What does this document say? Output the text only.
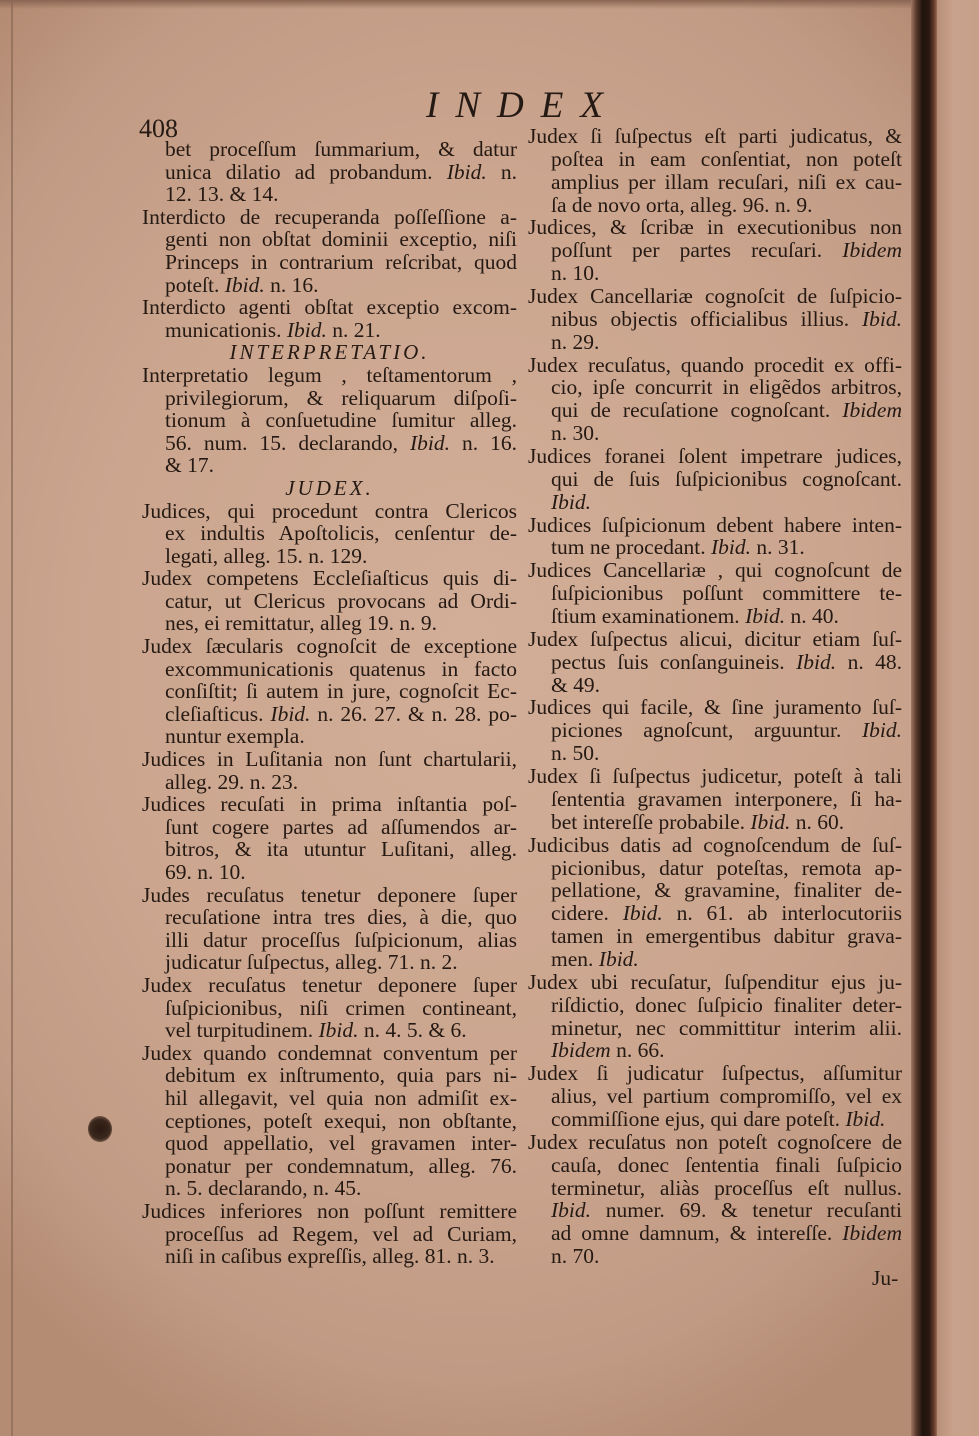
408
INDEX
bet proceſſum ſummarium, & datur
unica dilatio ad probandum. Ibid. n.
12. 13. & 14.
Interdicto de recuperanda poſſeſſione a-
genti non obſtat dominii exceptio, niſi
Princeps in contrarium reſcribat, quod
poteſt. Ibid. n. 16.
Interdicto agenti obſtat exceptio excom-
municationis. Ibid. n. 21.
INTERPRETATIO.
Interpretatio legum , teſtamentorum ,
privilegiorum, & reliquarum diſpoſi-
tionum à conſuetudine ſumitur alleg.
56. num. 15. declarando, Ibid. n. 16.
& 17.
JUDEX.
Judices, qui procedunt contra Clericos
ex indultis Apoſtolicis, cenſentur de-
legati, alleg. 15. n. 129.
Judex competens Eccleſiaſticus quis di-
catur, ut Clericus provocans ad Ordi-
nes, ei remittatur, alleg 19. n. 9.
Judex ſæcularis cognoſcit de exceptione
excommunicationis quatenus in facto
conſiſtit; ſi autem in jure, cognoſcit Ec-
cleſiaſticus. Ibid. n. 26. 27. & n. 28. po-
nuntur exempla.
Judices in Luſitania non ſunt chartularii,
alleg. 29. n. 23.
Judices recuſati in prima inſtantia poſ-
ſunt cogere partes ad aſſumendos ar-
bitros, & ita utuntur Luſitani, alleg.
69. n. 10.
Judes recuſatus tenetur deponere ſuper
recuſatione intra tres dies, à die, quo
illi datur proceſſus ſuſpicionum, alias
judicatur ſuſpectus, alleg. 71. n. 2.
Judex recuſatus tenetur deponere ſuper
ſuſpicionibus, niſi crimen contineant,
vel turpitudinem. Ibid. n. 4. 5. & 6.
Judex quando condemnat conventum per
debitum ex inſtrumento, quia pars ni-
hil allegavit, vel quia non admiſit ex-
ceptiones, poteſt exequi, non obſtante,
quod appellatio, vel gravamen inter-
ponatur per condemnatum, alleg. 76.
n. 5. declarando, n. 45.
Judices inferiores non poſſunt remittere
proceſſus ad Regem, vel ad Curiam,
niſi in caſibus expreſſis, alleg. 81. n. 3.
Judex ſi ſuſpectus eſt parti judicatus, &
poſtea in eam conſentiat, non poteſt
amplius per illam recuſari, niſi ex cau-
ſa de novo orta, alleg. 96. n. 9.
Judices, & ſcribæ in executionibus non
poſſunt per partes recuſari. Ibidem
n. 10.
Judex Cancellariæ cognoſcit de ſuſpicio-
nibus objectis officialibus illius. Ibid.
n. 29.
Judex recuſatus, quando procedit ex offi-
cio, ipſe concurrit in eligẽdos arbitros,
qui de recuſatione cognoſcant. Ibidem
n. 30.
Judices foranei ſolent impetrare judices,
qui de ſuis ſuſpicionibus cognoſcant.
Ibid.
Judices ſuſpicionum debent habere inten-
tum ne procedant. Ibid. n. 31.
Judices Cancellariæ , qui cognoſcunt de
ſuſpicionibus poſſunt committere te-
ſtium examinationem. Ibid. n. 40.
Judex ſuſpectus alicui, dicitur etiam ſuſ-
pectus ſuis conſanguineis. Ibid. n. 48.
& 49.
Judices qui facile, & ſine juramento ſuſ-
piciones agnoſcunt, arguuntur. Ibid.
n. 50.
Judex ſi ſuſpectus judicetur, poteſt à tali
ſententia gravamen interponere, ſi ha-
bet intereſſe probabile. Ibid. n. 60.
Judicibus datis ad cognoſcendum de ſuſ-
picionibus, datur poteſtas, remota ap-
pellatione, & gravamine, finaliter de-
cidere. Ibid. n. 61. ab interlocutoriis
tamen in emergentibus dabitur grava-
men. Ibid.
Judex ubi recuſatur, ſuſpenditur ejus ju-
riſdictio, donec ſuſpicio finaliter deter-
minetur, nec committitur interim alii.
Ibidem n. 66.
Judex ſi judicatur ſuſpectus, aſſumitur
alius, vel partium compromiſſo, vel ex
commiſſione ejus, qui dare poteſt. Ibid.
Judex recuſatus non poteſt cognoſcere de
cauſa, donec ſententia finali ſuſpicio
terminetur, aliàs proceſſus eſt nullus.
Ibid. numer. 69. & tenetur recuſanti
ad omne damnum, & intereſſe. Ibidem
n. 70.
Ju-
